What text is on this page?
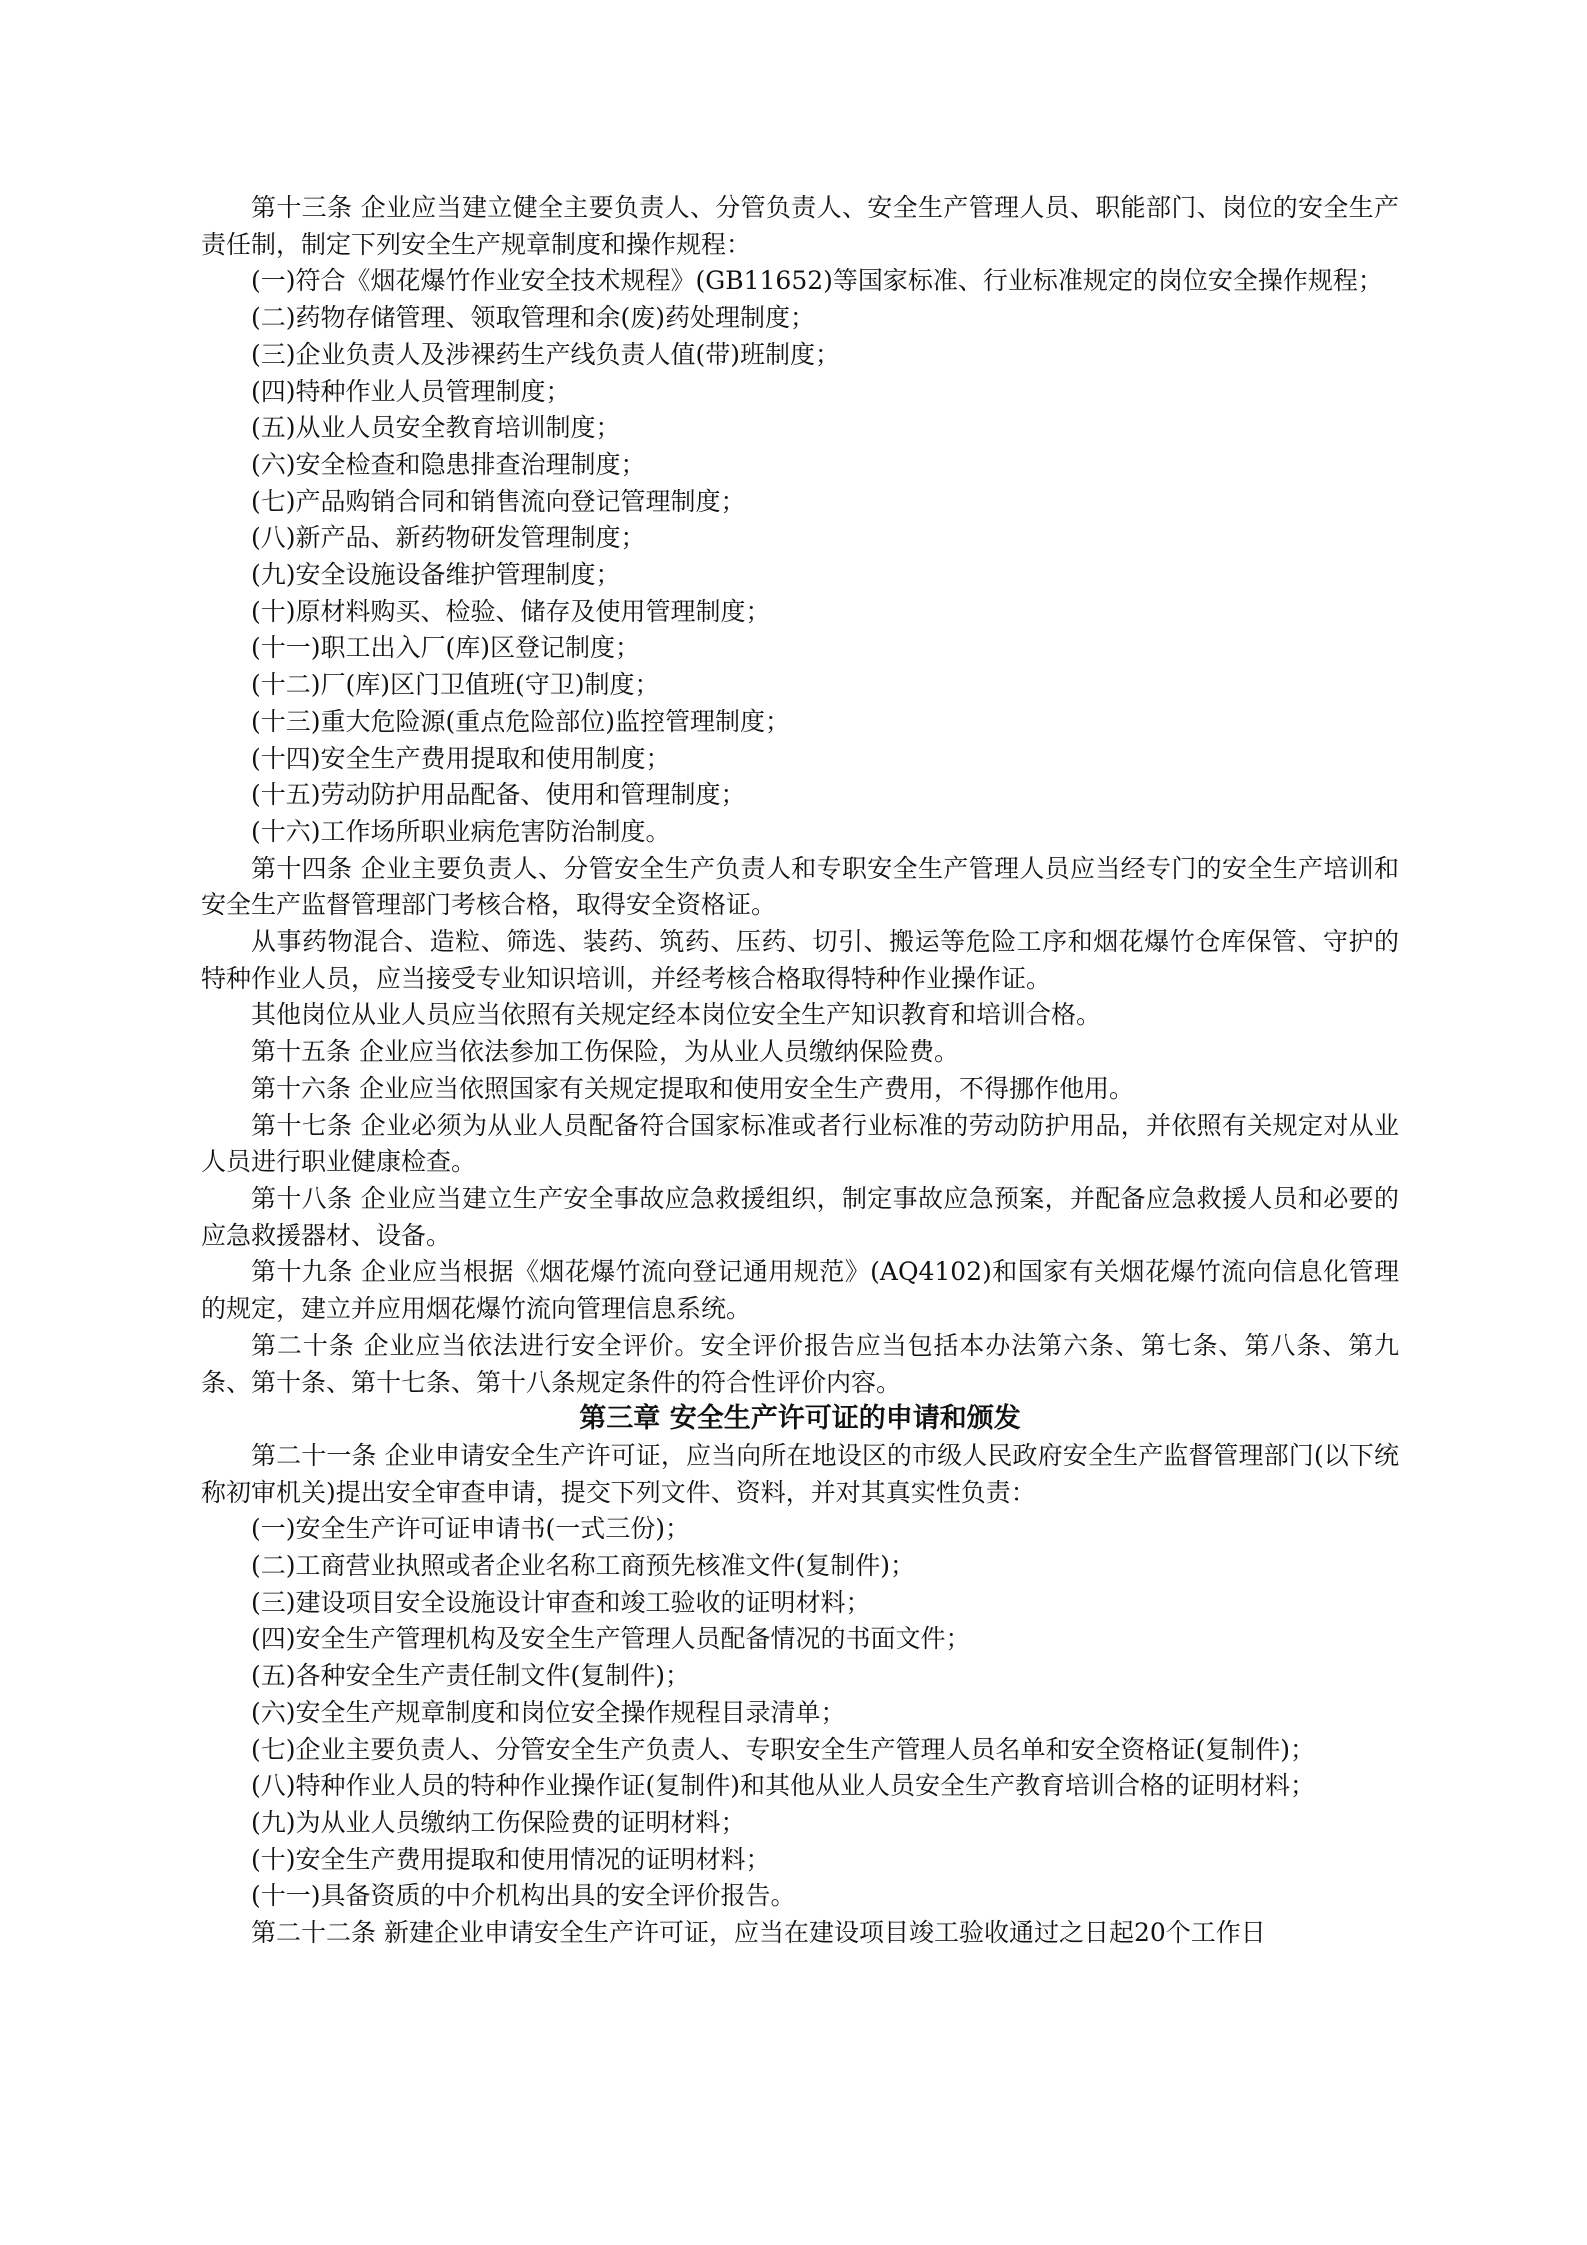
第十三条 企业应当建立健全主要负责人、分管负责人、安全生产管理人员、职能部门、岗位的安全生产责任制，制定下列安全生产规章制度和操作规程：

(一)符合《烟花爆竹作业安全技术规程》(GB11652)等国家标准、行业标准规定的岗位安全操作规程；

(二)药物存储管理、领取管理和余(废)药处理制度；

(三)企业负责人及涉裸药生产线负责人值(带)班制度；

(四)特种作业人员管理制度；

(五)从业人员安全教育培训制度；

(六)安全检查和隐患排查治理制度；

(七)产品购销合同和销售流向登记管理制度；

(八)新产品、新药物研发管理制度；

(九)安全设施设备维护管理制度；

(十)原材料购买、检验、储存及使用管理制度；

(十一)职工出入厂(库)区登记制度；

(十二)厂(库)区门卫值班(守卫)制度；

(十三)重大危险源(重点危险部位)监控管理制度；

(十四)安全生产费用提取和使用制度；

(十五)劳动防护用品配备、使用和管理制度；

(十六)工作场所职业病危害防治制度。

第十四条 企业主要负责人、分管安全生产负责人和专职安全生产管理人员应当经专门的安全生产培训和安全生产监督管理部门考核合格，取得安全资格证。

从事药物混合、造粒、筛选、装药、筑药、压药、切引、搬运等危险工序和烟花爆竹仓库保管、守护的特种作业人员，应当接受专业知识培训，并经考核合格取得特种作业操作证。

其他岗位从业人员应当依照有关规定经本岗位安全生产知识教育和培训合格。

第十五条 企业应当依法参加工伤保险，为从业人员缴纳保险费。

第十六条 企业应当依照国家有关规定提取和使用安全生产费用，不得挪作他用。

第十七条 企业必须为从业人员配备符合国家标准或者行业标准的劳动防护用品，并依照有关规定对从业人员进行职业健康检查。

第十八条 企业应当建立生产安全事故应急救援组织，制定事故应急预案，并配备应急救援人员和必要的应急救援器材、设备。

第十九条 企业应当根据《烟花爆竹流向登记通用规范》(AQ4102)和国家有关烟花爆竹流向信息化管理的规定，建立并应用烟花爆竹流向管理信息系统。

第二十条 企业应当依法进行安全评价。安全评价报告应当包括本办法第六条、第七条、第八条、第九条、第十条、第十七条、第十八条规定条件的符合性评价内容。

第三章 安全生产许可证的申请和颁发

第二十一条 企业申请安全生产许可证，应当向所在地设区的市级人民政府安全生产监督管理部门(以下统称初审机关)提出安全审查申请，提交下列文件、资料，并对其真实性负责：

(一)安全生产许可证申请书(一式三份)；

(二)工商营业执照或者企业名称工商预先核准文件(复制件)；

(三)建设项目安全设施设计审查和竣工验收的证明材料；

(四)安全生产管理机构及安全生产管理人员配备情况的书面文件；

(五)各种安全生产责任制文件(复制件)；

(六)安全生产规章制度和岗位安全操作规程目录清单；

(七)企业主要负责人、分管安全生产负责人、专职安全生产管理人员名单和安全资格证(复制件)；

(八)特种作业人员的特种作业操作证(复制件)和其他从业人员安全生产教育培训合格的证明材料；

(九)为从业人员缴纳工伤保险费的证明材料；

(十)安全生产费用提取和使用情况的证明材料；

(十一)具备资质的中介机构出具的安全评价报告。

第二十二条 新建企业申请安全生产许可证，应当在建设项目竣工验收通过之日起20个工作日
